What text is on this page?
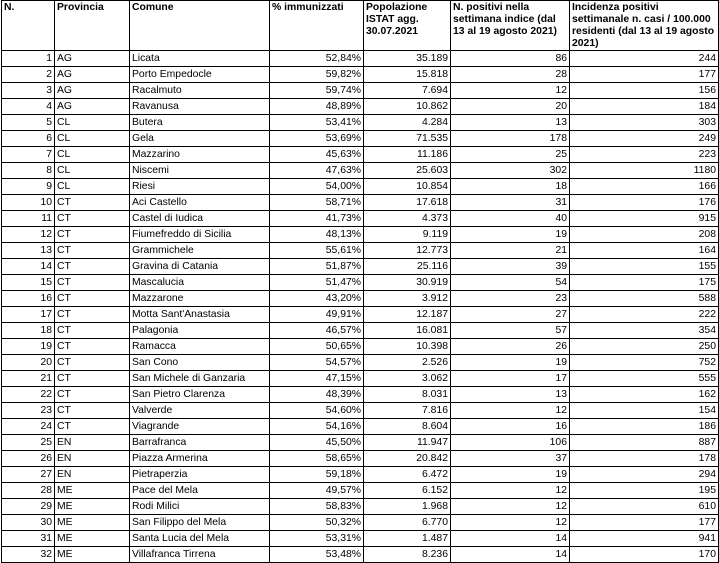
N.	Provincia	Comune	% immunizzati	Popolazione ISTAT agg. 30.07.2021	N. positivi nella settimana indice (dal 13 al 19 agosto 2021)	Incidenza positivi settimanale n. casi / 100.000 residenti (dal 13 al 19 agosto 2021)
1	AG	Licata	52,84%	35.189	86	244
2	AG	Porto Empedocle	59,82%	15.818	28	177
3	AG	Racalmuto	59,74%	7.694	12	156
4	AG	Ravanusa	48,89%	10.862	20	184
5	CL	Butera	53,41%	4.284	13	303
6	CL	Gela	53,69%	71.535	178	249
7	CL	Mazzarino	45,63%	11.186	25	223
8	CL	Niscemi	47,63%	25.603	302	1180
9	CL	Riesi	54,00%	10.854	18	166
10	CT	Aci Castello	58,71%	17.618	31	176
11	CT	Castel di Iudica	41,73%	4.373	40	915
12	CT	Fiumefreddo di Sicilia	48,13%	9.119	19	208
13	CT	Grammichele	55,61%	12.773	21	164
14	CT	Gravina di Catania	51,87%	25.116	39	155
15	CT	Mascalucia	51,47%	30.919	54	175
16	CT	Mazzarone	43,20%	3.912	23	588
17	CT	Motta Sant'Anastasia	49,91%	12.187	27	222
18	CT	Palagonia	46,57%	16.081	57	354
19	CT	Ramacca	50,65%	10.398	26	250
20	CT	San Cono	54,57%	2.526	19	752
21	CT	San Michele di Ganzaria	47,15%	3.062	17	555
22	CT	San Pietro Clarenza	48,39%	8.031	13	162
23	CT	Valverde	54,60%	7.816	12	154
24	CT	Viagrande	54,16%	8.604	16	186
25	EN	Barrafranca	45,50%	11.947	106	887
26	EN	Piazza Armerina	58,65%	20.842	37	178
27	EN	Pietraperzia	59,18%	6.472	19	294
28	ME	Pace del Mela	49,57%	6.152	12	195
29	ME	Rodi Milici	58,83%	1.968	12	610
30	ME	San Filippo del Mela	50,32%	6.770	12	177
31	ME	Santa Lucia del Mela	53,31%	1.487	14	941
32	ME	Villafranca Tirrena	53,48%	8.236	14	170
